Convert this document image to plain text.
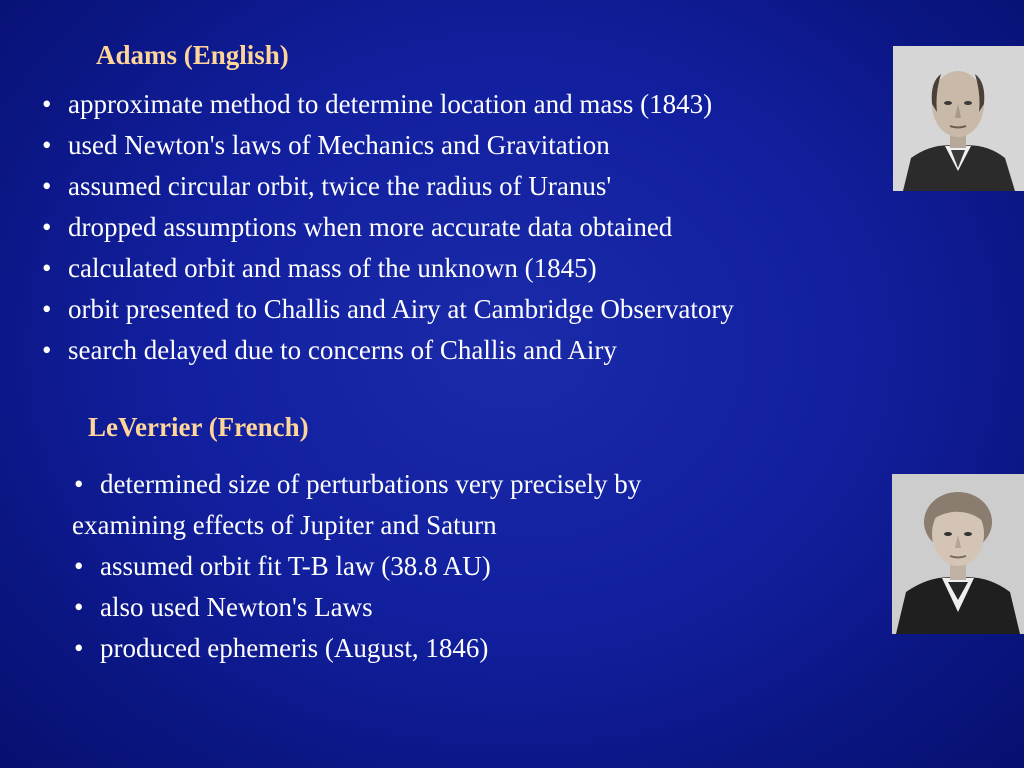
Adams (English)
• approximate method to determine location and mass (1843)
• used Newton's laws of Mechanics and Gravitation
• assumed circular orbit, twice the radius of Uranus'
• dropped assumptions when more accurate data obtained
• calculated orbit and mass of the unknown (1845)
• orbit presented to Challis and Airy at Cambridge Observatory
• search delayed due to concerns of Challis and Airy
LeVerrier (French)
• determined size of perturbations very precisely by
examining effects of Jupiter and Saturn
• assumed orbit fit T-B law (38.8 AU)
• also used Newton's Laws
• produced ephemeris (August, 1846)
